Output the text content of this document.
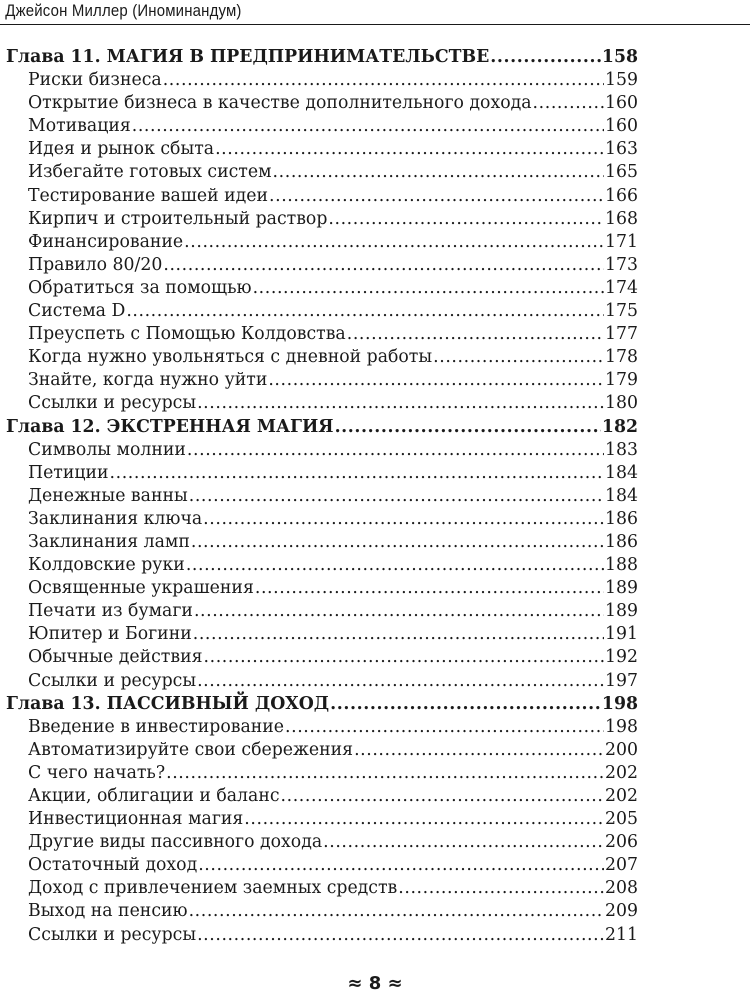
Джейсон Миллер (Иноминандум)
Глава 11. МАГИЯ В ПРЕДПРИНИМАТЕЛЬСТВЕ .....	158
Риски бизнеса .....	159
Открытие бизнеса в качестве дополнительного дохода .....	160
Мотивация .....	160
Идея и рынок сбыта .....	163
Избегайте готовых систем .....	165
Тестирование вашей идеи .....	166
Кирпич и строительный раствор .....	168
Финансирование .....	171
Правило 80/20 .....	173
Обратиться за помощью .....	174
Система D .....	175
Преуспеть с Помощью Колдовства .....	177
Когда нужно увольняться с дневной работы .....	178
Знайте, когда нужно уйти .....	179
Ссылки и ресурсы .....	180
Глава 12. ЭКСТРЕННАЯ МАГИЯ .....	182
Символы молнии .....	183
Петиции .....	184
Денежные ванны .....	184
Заклинания ключа .....	186
Заклинания ламп .....	186
Колдовские руки .....	188
Освященные украшения .....	189
Печати из бумаги .....	189
Юпитер и Богини .....	191
Обычные действия .....	192
Ссылки и ресурсы .....	197
Глава 13. ПАССИВНЫЙ ДОХОД .....	198
Введение в инвестирование .....	198
Автоматизируйте свои сбережения .....	200
С чего начать? .....	202
Акции, облигации и баланс .....	202
Инвестиционная магия .....	205
Другие виды пассивного дохода .....	206
Остаточный доход .....	207
Доход с привлечением заемных средств .....	208
Выход на пенсию .....	209
Ссылки и ресурсы .....	211
≈ 8 ≈
